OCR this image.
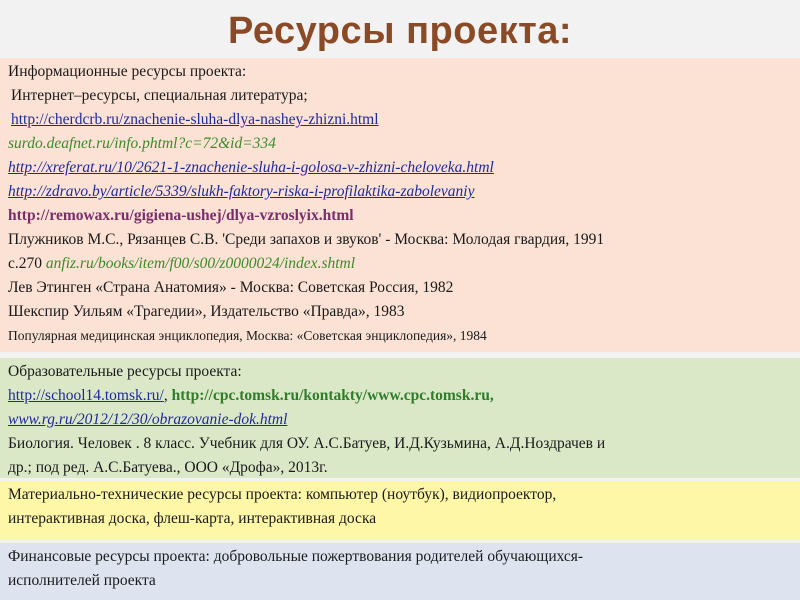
Ресурсы проекта:
Информационные ресурсы проекта:
Интернет–ресурсы, специальная литература;
http://cherdcrb.ru/znachenie-sluha-dlya-nashey-zhizni.html
surdo.deafnet.ru/info.phtml?c=72&id=334
http://xreferat.ru/10/2621-1-znachenie-sluha-i-golosa-v-zhizni-cheloveka.html
http://zdravo.by/article/5339/slukh-faktory-riska-i-profilaktika-zabolevaniy
http://remowax.ru/gigiena-ushej/dlya-vzroslyix.html
Плужников М.С., Рязанцев С.В. 'Среди запахов и звуков' - Москва: Молодая гвардия, 1991
с.270 anfiz.ru/books/item/f00/s00/z0000024/index.shtml
Лев Этинген «Страна Анатомия» - Москва: Советская Россия, 1982
Шекспир Уильям «Трагедии», Издательство «Правда», 1983
Популярная медицинская энциклопедия, Москва: «Советская энциклопедия», 1984
Образовательные ресурсы проекта:
http://school14.tomsk.ru/, http://cpc.tomsk.ru/kontakty/www.cpc.tomsk.ru,
www.rg.ru/2012/12/30/obrazovanie-dok.html
Биология. Человек . 8 класс. Учебник для ОУ. А.С.Батуев, И.Д.Кузьмина, А.Д.Ноздрачев и
др.; под ред. А.С.Батуева., ООО «Дрофа», 2013г.
Материально-технические ресурсы проекта: компьютер (ноутбук), видиопроектор,
интерактивная доска, флеш-карта, интерактивная доска
Финансовые ресурсы проекта: добровольные пожертвования родителей обучающихся-
исполнителей проекта
